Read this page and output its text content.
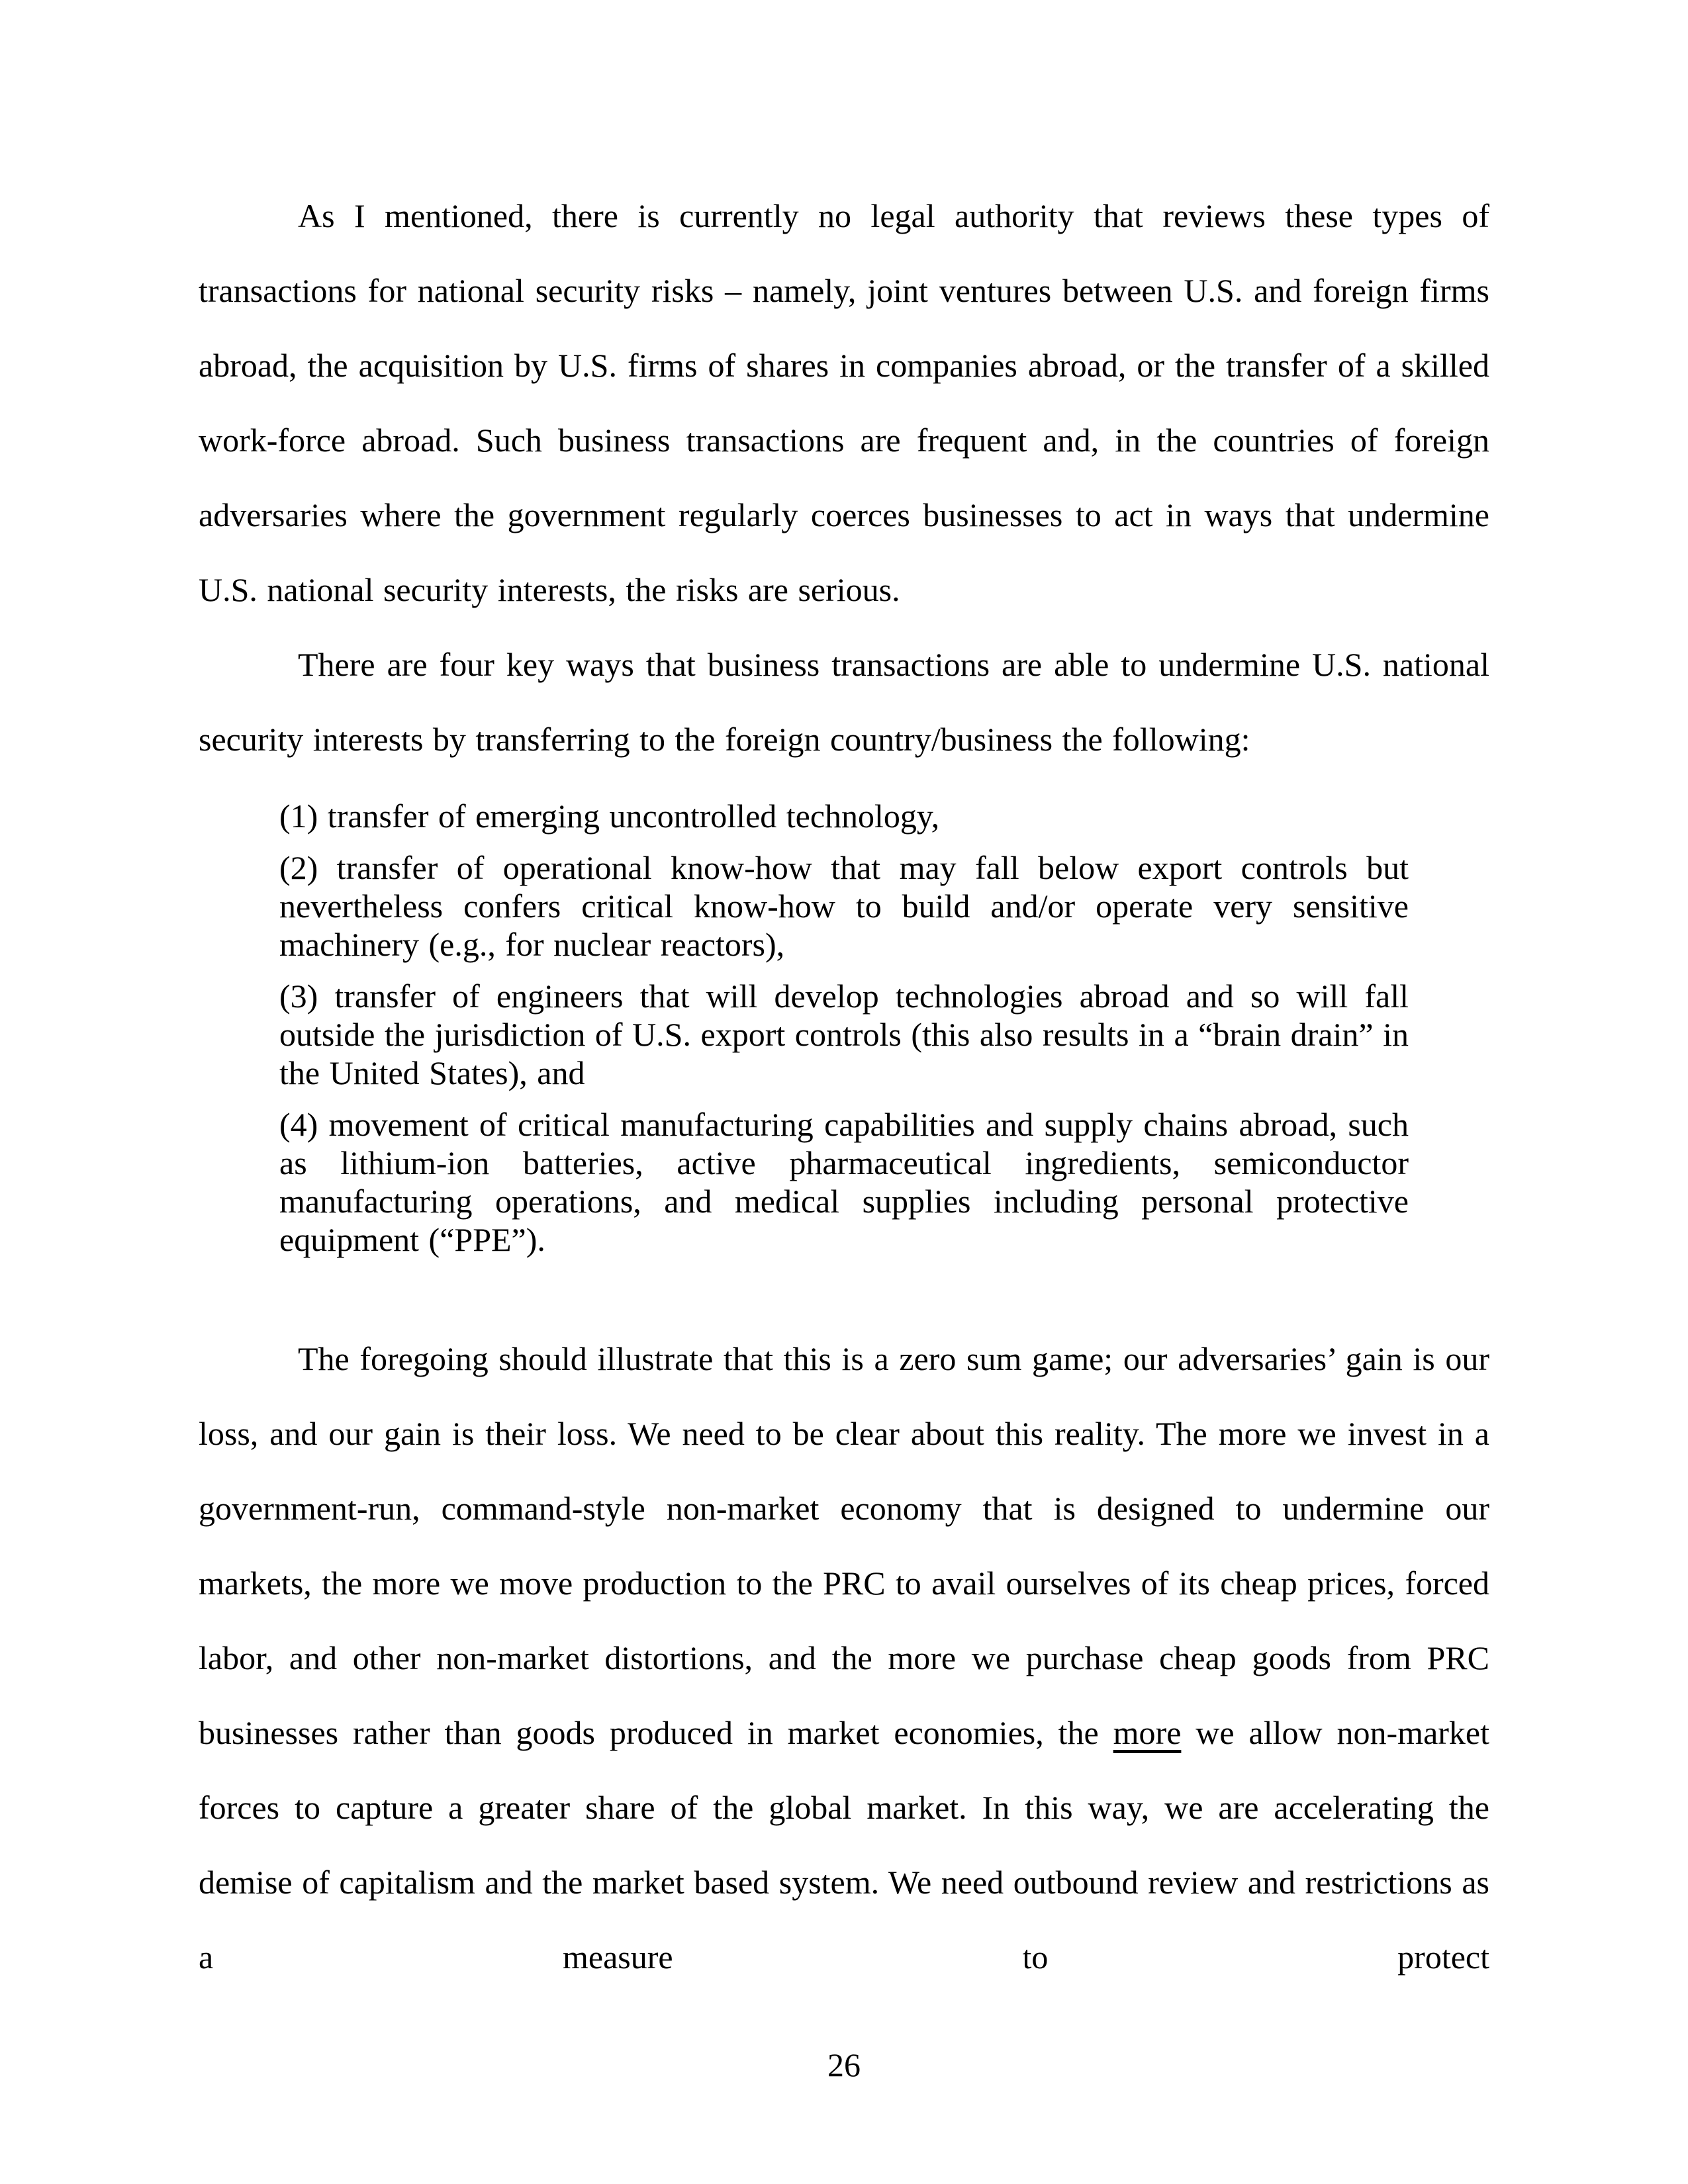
As I mentioned, there is currently no legal authority that reviews these types of transactions for national security risks – namely, joint ventures between U.S. and foreign firms abroad, the acquisition by U.S. firms of shares in companies abroad, or the transfer of a skilled work-force abroad. Such business transactions are frequent and, in the countries of foreign adversaries where the government regularly coerces businesses to act in ways that undermine U.S. national security interests, the risks are serious.

There are four key ways that business transactions are able to undermine U.S. national security interests by transferring to the foreign country/business the following:

(1) transfer of emerging uncontrolled technology,

(2) transfer of operational know-how that may fall below export controls but nevertheless confers critical know-how to build and/or operate very sensitive machinery (e.g., for nuclear reactors),

(3) transfer of engineers that will develop technologies abroad and so will fall outside the jurisdiction of U.S. export controls (this also results in a “brain drain” in the United States), and

(4) movement of critical manufacturing capabilities and supply chains abroad, such as lithium-ion batteries, active pharmaceutical ingredients, semiconductor manufacturing operations, and medical supplies including personal protective equipment (“PPE”).

The foregoing should illustrate that this is a zero sum game; our adversaries’ gain is our loss, and our gain is their loss. We need to be clear about this reality. The more we invest in a government-run, command-style non-market economy that is designed to undermine our markets, the more we move production to the PRC to avail ourselves of its cheap prices, forced labor, and other non-market distortions, and the more we purchase cheap goods from PRC businesses rather than goods produced in market economies, the more we allow non-market forces to capture a greater share of the global market. In this way, we are accelerating the demise of capitalism and the market based system. We need outbound review and restrictions as a measure to protect

26
